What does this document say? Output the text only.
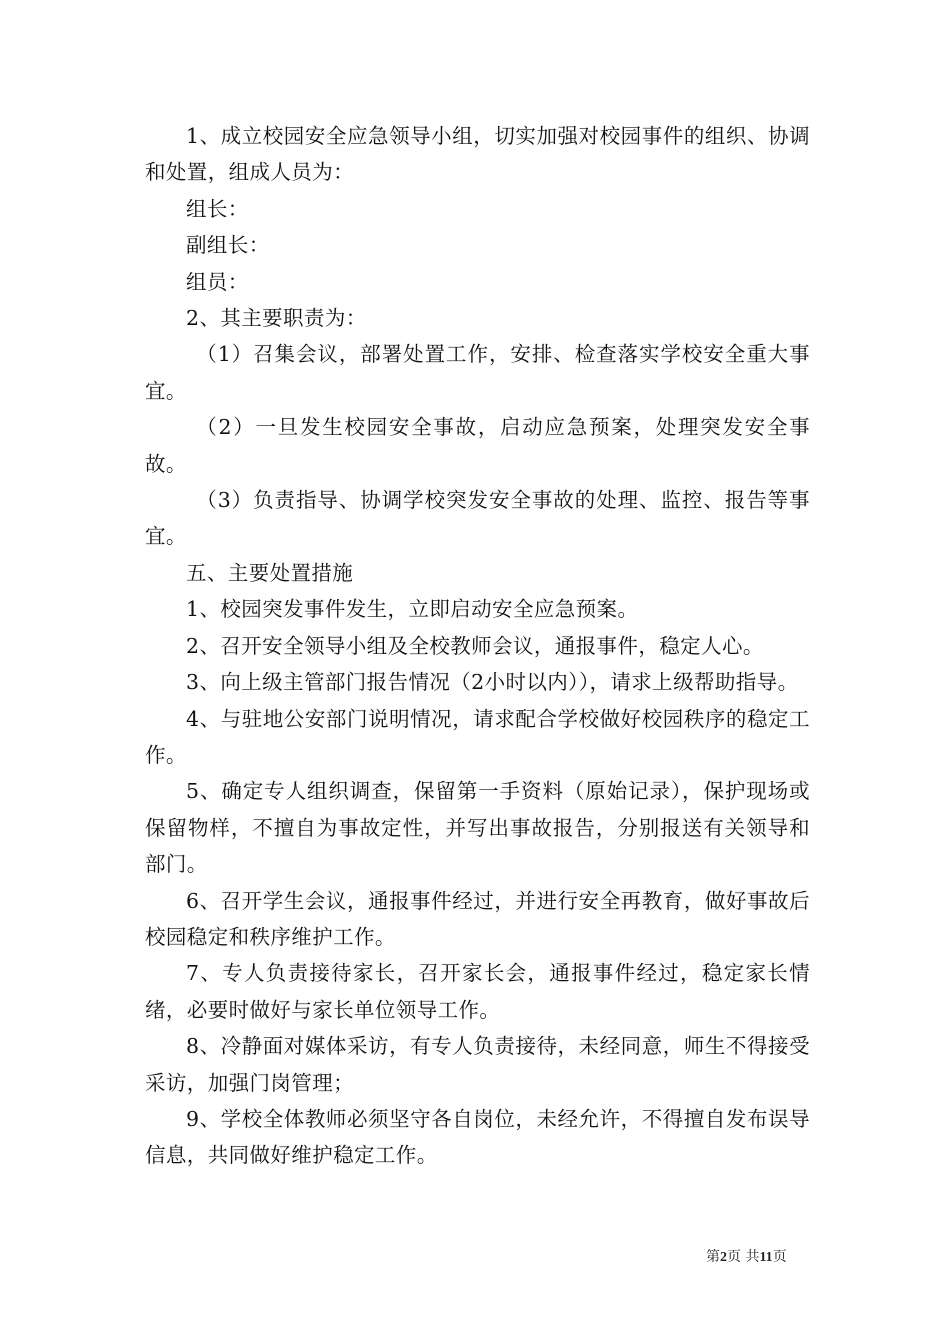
1、成立校园安全应急领导小组，切实加强对校园事件的组织、协调和处置，组成人员为：

组长：

副组长：

组员：

2、其主要职责为：

（1）召集会议，部署处置工作，安排、检查落实学校安全重大事宜。

（2）一旦发生校园安全事故，启动应急预案，处理突发安全事故。

（3）负责指导、协调学校突发安全事故的处理、监控、报告等事宜。

五、主要处置措施

1、校园突发事件发生，立即启动安全应急预案。

2、召开安全领导小组及全校教师会议，通报事件，稳定人心。

3、向上级主管部门报告情况（2小时以内）），请求上级帮助指导。

4、与驻地公安部门说明情况，请求配合学校做好校园秩序的稳定工作。

5、确定专人组织调查，保留第一手资料（原始记录），保护现场或保留物样，不擅自为事故定性，并写出事故报告，分别报送有关领导和部门。

6、召开学生会议，通报事件经过，并进行安全再教育，做好事故后校园稳定和秩序维护工作。

7、专人负责接待家长，召开家长会，通报事件经过，稳定家长情绪，必要时做好与家长单位领导工作。

8、冷静面对媒体采访，有专人负责接待，未经同意，师生不得接受采访，加强门岗管理；

9、学校全体教师必须坚守各自岗位，未经允许，不得擅自发布误导信息，共同做好维护稳定工作。

第2页 共11页
